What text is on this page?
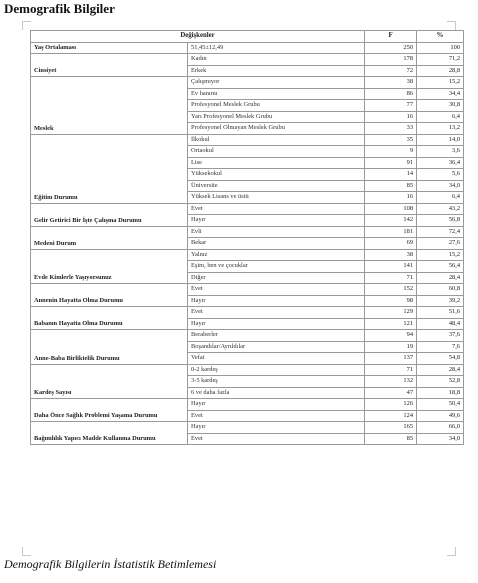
Demografik Bilgiler
Değişkenler		F	%
Yaş Ortalaması	51,45±12,49	250	100
Cinsiyet	Kadın	178	71,2
	Erkek	72	28,8
Meslek	Çalışmıyor	38	15,2
	Ev hanımı	86	34,4
	Profesyonel Meslek Grubu	77	30,8
	Yarı Profesyonel Meslek Grubu	16	6,4
	Profesyonel Olmayan Meslek Grubu	33	13,2
Eğitim Durumu	İlkokul	35	14,0
	Ortaokul	9	3,6
	Lise	91	36,4
	Yüksekokul	14	5,6
	Üniversite	85	34,0
	Yüksek Lisans ve üstü	16	6,4
Gelir Getirici Bir İşte Çalışma Durumu	Evet	108	43,2
	Hayır	142	56,8
Medeni Durum	Evli	181	72,4
	Bekar	69	27,6
Evde Kimlerle Yaşıyorsunuz	Yalnız	38	15,2
	Eşim, ben ve çocuklar	141	56,4
	Diğer	71	28,4
Annenin Hayatta Olma Durumu	Evet	152	60,8
	Hayır	98	39,2
Babanın Hayatta Olma Durumu	Evet	129	51,6
	Hayır	121	48,4
Anne-Baba Birliktelik Durumu	Beraberler	94	37,6
	Boşandılar/Ayrıldılar	19	7,6
	Vefat	137	54,8
Kardeş Sayısı	0-2 kardeş	71	28,4
	3-5 kardeş	132	52,8
	6 ve daha fazla	47	18,8
Daha Önce Sağlık Problemi Yaşama Durumu	Hayır	126	50,4
	Evet	124	49,6
Bağımlılık Yapıcı Madde Kullanma Durumu	Hayır	165	66,0
	Evet	85	34,0
Demografik Bilgilerin İstatistik Betimlemesi
